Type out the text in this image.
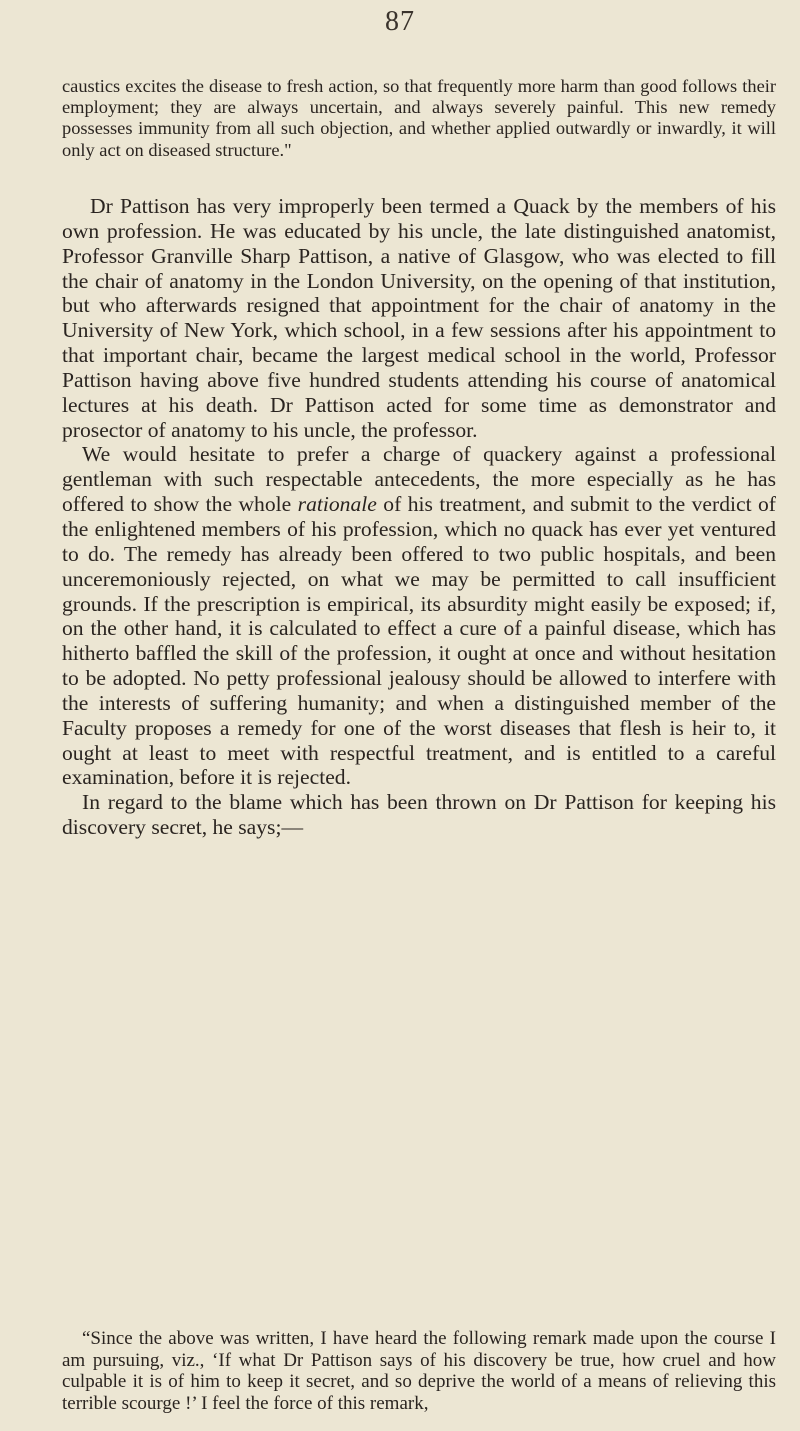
87

caustics excites the disease to fresh action, so that frequently more harm than good follows their employment; they are always uncertain, and always severely painful. This new remedy possesses immunity from all such objection, and whether applied outwardly or inwardly, it will only act on diseased structure."

Dr Pattison has very improperly been termed a Quack by the members of his own profession. He was educated by his uncle, the late distinguished anatomist, Professor Granville Sharp Pattison, a native of Glasgow, who was elected to fill the chair of anatomy in the London University, on the opening of that institution, but who afterwards resigned that appointment for the chair of anatomy in the University of New York, which school, in a few sessions after his appointment to that important chair, became the largest medical school in the world, Professor Pattison having above five hundred students attending his course of anatomical lectures at his death. Dr Pattison acted for some time as demonstrator and prosector of anatomy to his uncle, the professor.

We would hesitate to prefer a charge of quackery against a professional gentleman with such respectable antecedents, the more especially as he has offered to show the whole rationale of his treatment, and submit to the verdict of the enlightened members of his profession, which no quack has ever yet ventured to do. The remedy has already been offered to two public hospitals, and been unceremoniously rejected, on what we may be permitted to call insufficient grounds. If the prescription is empirical, its absurdity might easily be exposed; if, on the other hand, it is calculated to effect a cure of a painful disease, which has hitherto baffled the skill of the profession, it ought at once and without hesitation to be adopted. No petty professional jealousy should be allowed to interfere with the interests of suffering humanity; and when a distinguished member of the Faculty proposes a remedy for one of the worst diseases that flesh is heir to, it ought at least to meet with respectful treatment, and is entitled to a careful examination, before it is rejected.

In regard to the blame which has been thrown on Dr Pattison for keeping his discovery secret, he says;—

“Since the above was written, I have heard the following remark made upon the course I am pursuing, viz., ‘If what Dr Pattison says of his discovery be true, how cruel and how culpable it is of him to keep it secret, and so deprive the world of a means of relieving this terrible scourge !’ I feel the force of this remark,
